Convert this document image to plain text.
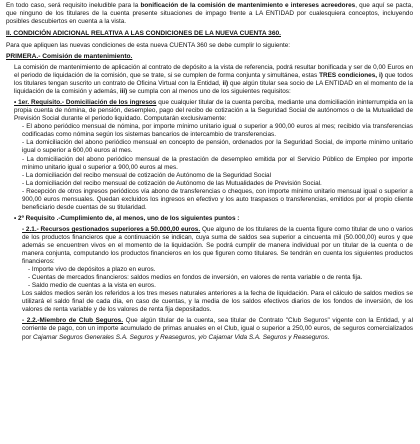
En todo caso, será requisito ineludible para la bonificación de la comisión de mantenimiento e intereses acreedores, que aquí se pacta, que ninguno de los titulares de la cuenta presente situaciones de impago frente a LA ENTIDAD por cualesquiera conceptos, incluyendo posibles descubiertos en cuenta a la vista.

II. CONDICIÓN ADICIONAL RELATIVA A LAS CONDICIONES DE LA NUEVA CUENTA 360.

Para que apliquen las nuevas condiciones de esta nueva CUENTA 360 se debe cumplir lo siguiente:

PRIMERA.- Comisión de mantenimiento.

La comisión de mantenimiento de aplicación al contrato de depósito a la vista de referencia, podrá resultar bonificada y ser de 0,00 Euros en el periodo de liquidación de la comisión, que se trate, si se cumplen de forma conjunta y simultánea, estas TRES condiciones, i) que todos los titulares tengan suscrito un contrato de Oficina Virtual con la Entidad, ii) que algún titular sea socio de LA ENTIDAD en el momento de la liquidación de la comisión y además, iii) se cumpla con al menos uno de los siguientes requisitos:

• 1er. Requisito.- Domiciliación de los ingresos que cualquier titular de la cuenta perciba, mediante una domiciliación ininterrumpida en la propia cuenta de nómina, de pensión, desempleo, pago del recibo de cotización a la Seguridad Social de autónomos o de la Mutualidad de Previsión Social durante el periodo liquidado. Computarán exclusivamente:

- El abono periódico mensual de nómina, por importe mínimo unitario igual o superior a 900,00 euros al mes; recibido vía transferencias codificadas como nómina según los sistemas bancarios de intercambio de transferencias.

- La domiciliación del abono periódico mensual en concepto de pensión, ordenados por la Seguridad Social, de importe mínimo unitario igual o superior a 600,00 euros al mes.

- La domiciliación del abono periódico mensual de la prestación de desempleo emitida por el Servicio Público de Empleo por importe mínimo unitario igual o superior a 900,00 euros al mes.

- La domiciliación del recibo mensual de cotización de Autónomo de la Seguridad Social

- La domiciliación del recibo mensual de cotización de Autónomo de las Mutualidades de Previsión Social.

- Recepción de otros ingresos periódicos vía abono de transferencias o cheques, con importe mínimo unitario mensual igual o superior a 900,00 euros mensuales. Quedan excluidos los ingresos en efectivo y los auto traspasos o transferencias, emitidos por el propio cliente beneficiario desde cuentas de su titularidad.

• 2º Requisito .-Cumplimiento de, al menos, uno de los siguientes puntos :

- 2.1.- Recursos gestionados superiores a 50.000,00 euros. Que alguno de los titulares de la cuenta figure como titular de uno o varios de los productos financieros que a continuación se indican, cuya suma de saldos sea superior a cincuenta mil (50.000,00) euros y que además se encuentren vivos en el momento de la liquidación. Se podrá cumplir de manera individual por un titular de la cuenta o de manera conjunta, computando los productos financieros en los que figuren como titulares. Se tendrán en cuenta los siguientes productos financieros:

- Importe vivo de depósitos a plazo en euros.

- Cuentas de mercados financieros: saldos medios en fondos de inversión, en valores de renta variable o de renta fija.

- Saldo medio de cuentas a la vista en euros.

Los saldos medios serán los referidos a los tres meses naturales anteriores a la fecha de liquidación. Para el cálculo de saldos medios se utilizará el saldo final de cada día, en caso de cuentas, y la media de los saldos efectivos diarios de los fondos de inversión, de los valores de renta variable y de los valores de renta fija depositados.

- 2.2.-Miembro de Club Seguros. Que algún titular de la cuenta, sea titular de Contrato "Club Seguros" vigente con la Entidad, y al corriente de pago, con un importe acumulado de primas anuales en el Club, igual o superior a 250,00 euros, de seguros comercializados por Cajamar Seguros Generales S.A. Seguros y Reaseguros, y/o Cajamar Vida S.A. Seguros y Reaseguros.
